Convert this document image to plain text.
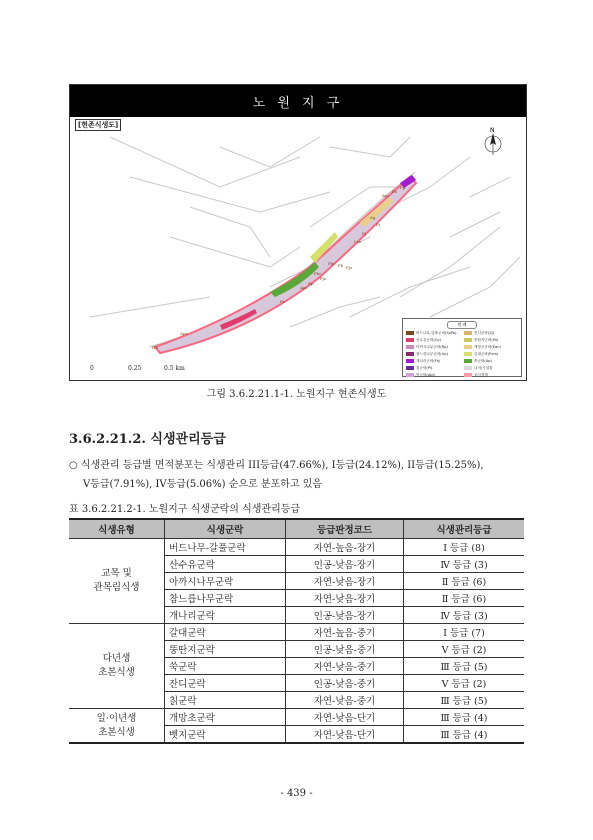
노 원 지 구
Apr
Pa
Pp
Sg
Pj
Lee
Pj
Pbr Ph Pjo
Apr
Phr
Pr
Rp
Pjo
Apr
Hb
[현존식생도]
N
범 례
버드나무-갈풀군락(SxPa)	잔디군락(Zj)
산수유군락(Co)	뚱딴지군락(Ht)
아까시나무군락(Rp)	개망초군락(Ean)
참느릅나무군락(Up)	갈대군락(Pcm)
개나리군락(Fk)	쑥군락(Ap)
칡군락(Pl)	나지/시설물
벚군락(Apr)	조사경계
0	0.25	0.5 km
그림 3.6.2.21.1-1. 노원지구 현존식생도
3.6.2.21.2. 식생관리등급
○ 식생관리 등급별 면적분포는 식생관리 III등급(47.66%), I등급(24.12%), II등급(15.25%),
V등급(7.91%), IV등급(5.06%) 순으로 분포하고 있음
표 3.6.2.21.2-1. 노원지구 식생군락의 식생관리등급
식생유형	식생군락	등급판정코드	식생관리등급

교목 및
관목림식생	버드나무-갈풀군락	자연-높음-장기	Ⅰ 등급 (8)
	산수유군락	인공-낮음-장기	Ⅳ 등급 (3)
	아까시나무군락	자연-낮음-장기	Ⅱ 등급 (6)
	참느릅나무군락	자연-낮음-장기	Ⅱ 등급 (6)
	개나리군락	인공-낮음-장기	Ⅳ 등급 (3)

다년생
초본식생	갈대군락	자연-높음-중기	Ⅰ 등급 (7)
	뚱딴지군락	인공-낮음-중기	Ⅴ 등급 (2)
	쑥군락	자연-낮음-중기	Ⅲ 등급 (5)
	잔디군락	인공-낮음-중기	Ⅴ 등급 (2)
	칡군락	자연-낮음-중기	Ⅲ 등급 (5)

일·이년생
초본식생	개망초군락	자연-낮음-단기	Ⅲ 등급 (4)
	벳지군락	자연-낮음-단기	Ⅲ 등급 (4)
- 439 -
